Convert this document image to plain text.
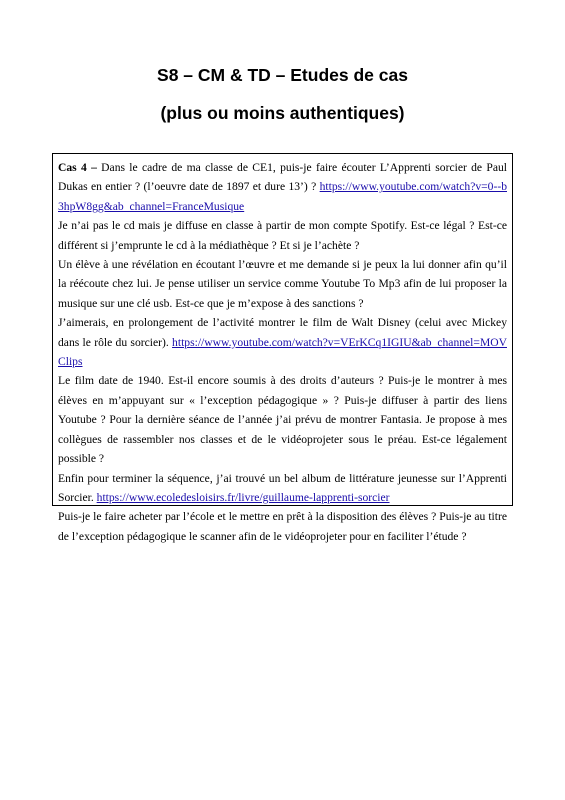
S8 – CM & TD – Etudes de cas
(plus ou moins authentiques)

Cas 4 – Dans le cadre de ma classe de CE1, puis-je faire écouter L’Apprenti sorcier de Paul Dukas en entier ? (l’oeuvre date de 1897 et dure 13’) ? https://www.youtube.com/watch?v=0--b3hpW8gg&ab_channel=FranceMusique

Je n’ai pas le cd mais je diffuse en classe à partir de mon compte Spotify. Est-ce légal ? Est-ce différent si j’emprunte le cd à la médiathèque ? Et si je l’achète ?

Un élève à une révélation en écoutant l’œuvre et me demande si je peux la lui donner afin qu’il la réécoute chez lui. Je pense utiliser un service comme Youtube To Mp3 afin de lui proposer la musique sur une clé usb. Est-ce que je m’expose à des sanctions ?

J’aimerais, en prolongement de l’activité montrer le film de Walt Disney (celui avec Mickey dans le rôle du sorcier). https://www.youtube.com/watch?v=VErKCq1IGIU&ab_channel=MOVClips

Le film date de 1940. Est-il encore soumis à des droits d’auteurs ? Puis-je le montrer à mes élèves en m’appuyant sur « l’exception pédagogique » ? Puis-je diffuser à partir des liens Youtube ? Pour la dernière séance de l’année j’ai prévu de montrer Fantasia. Je propose à mes collègues de rassembler nos classes et de le vidéoprojeter sous le préau. Est-ce légalement possible ?

Enfin pour terminer la séquence, j’ai trouvé un bel album de littérature jeunesse sur l’Apprenti Sorcier. https://www.ecoledesloisirs.fr/livre/guillaume-lapprenti-sorcier

Puis-je le faire acheter par l’école et le mettre en prêt à la disposition des élèves ? Puis-je au titre de l’exception pédagogique le scanner afin de le vidéoprojeter pour en faciliter l’étude ?
